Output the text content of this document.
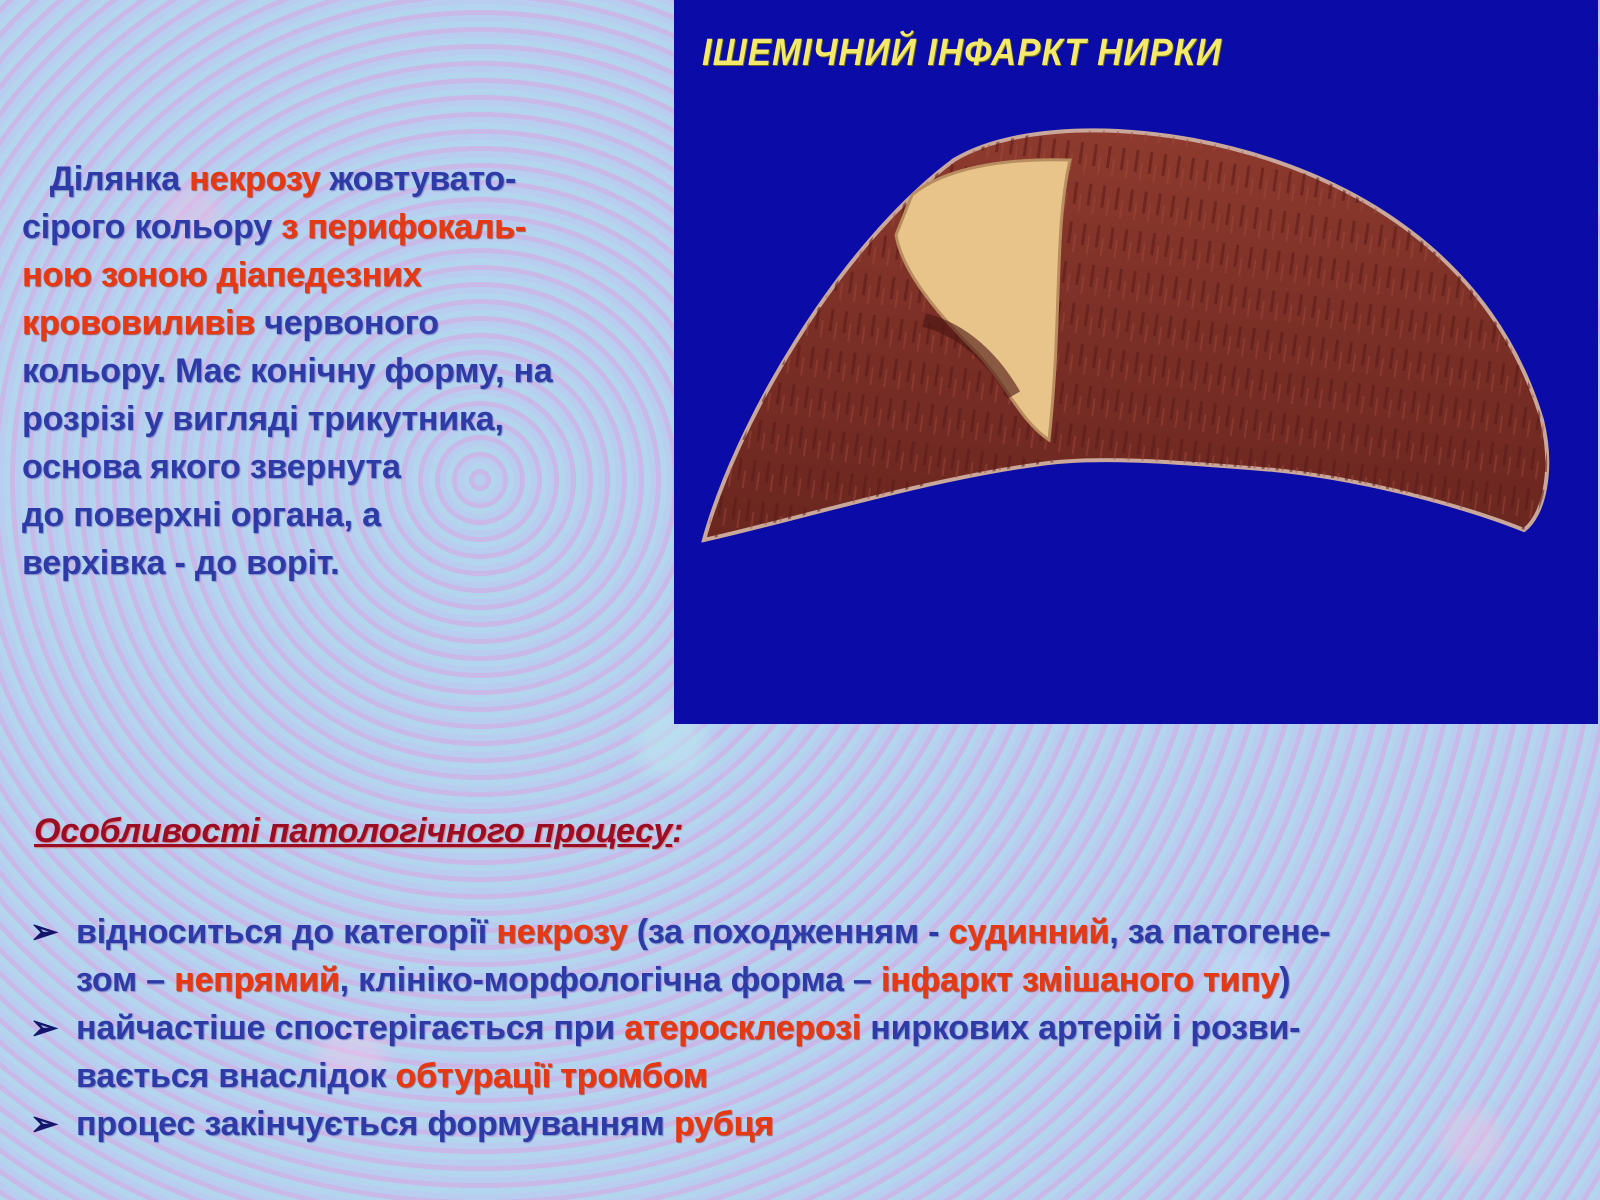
Ділянка некрозу жовтувато-
сірого кольору з перифокаль-
ною зоною діапедезних
крововиливів червоного
кольору. Має конічну форму, на
розрізі у вигляді трикутника,
основа якого звернута
до поверхні органа, а
верхівка - до воріт.
ІШЕМІЧНИЙ ІНФАРКТ НИРКИ
Особливості патологічного процесу:

➢ відноситься до категорії некрозу (за походженням - судинний, за патогене-
зом – непрямий, клініко-морфологічна форма – інфаркт змішаного типу)

➢ найчастіше спостерігається при атеросклерозі ниркових артерій і розви-
вається внаслідок обтурації тромбом

➢ процес закінчується формуванням рубця
